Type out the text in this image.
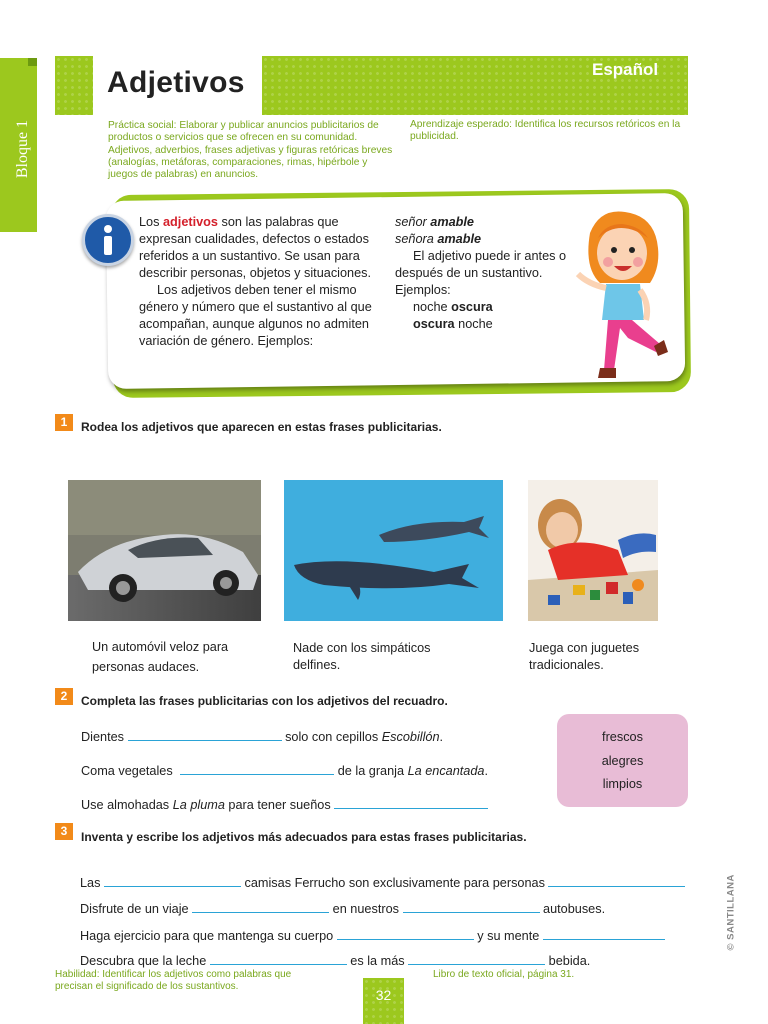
Bloque 1
Adjetivos	Español
Práctica social: Elaborar y publicar anuncios publicitarios de productos o servicios que se ofrecen en su comunidad. Adjetivos, adverbios, frases adjetivas y figuras retóricas breves (analogías, metáforas, comparaciones, rimas, hipérbole y juegos de palabras) en anuncios.
Aprendizaje esperado: Identifica los recursos retóricos en la publicidad.
Los adjetivos son las palabras que expresan cualidades, defectos o estados referidos a un sustantivo. Se usan para describir personas, objetos y situaciones.
Los adjetivos deben tener el mismo género y número que el sustantivo al que acompañan, aunque algunos no admiten variación de género. Ejemplos:
señor amable
señora amable
El adjetivo puede ir antes o después de un sustantivo. Ejemplos:
noche oscura
oscura noche
1	Rodea los adjetivos que aparecen en estas frases publicitarias.
Un automóvil veloz para personas audaces.
Nade con los simpáticos delfines.
Juega con juguetes tradicionales.
2	Completa las frases publicitarias con los adjetivos del recuadro.
Dientes	solo con cepillos Escobillón.
Coma vegetales	de la granja La encantada.
Use almohadas La pluma para tener sueños
frescos
alegres
limpios
3	Inventa y escribe los adjetivos más adecuados para estas frases publicitarias.
Las	camisas Ferrucho son exclusivamente para personas
Disfrute de un viaje	en nuestros	autobuses.
Haga ejercicio para que mantenga su cuerpo	y su mente
Descubra que la leche	es la más	bebida.
© SANTILLANA
Habilidad: Identificar los adjetivos como palabras que precisan el significado de los sustantivos.
Libro de texto oficial, página 31.
32
